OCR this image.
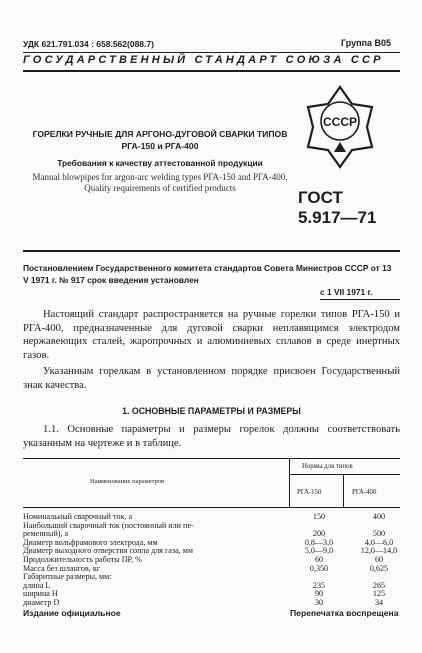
УДК 621.791.034 : 658.562(088.7)	Группа В05
ГОСУДАРСТВЕННЫЙ СТАНДАРТ СОЮЗА ССР
СССР
ГОРЕЛКИ РУЧНЫЕ ДЛЯ АРГОНО-ДУГОВОЙ СВАРКИ ТИПОВ РГА-150 и РГА-400
Требования к качеству аттестованной продукции
Manual blowpipes for argon-arc welding types РГА-150 and РГА-400. Quality requirements of certified products
ГОСТ
5.917—71
Постановлением Государственного комитета стандартов Совета Министров СССР от 13 V 1971 г. № 917 срок введения установлен
с 1 VII 1971 г.
Настоящий стандарт распространяется на ручные горелки типов РГА-150 и РГА-400, предназначенные для дуговой сварки неплавящимся электродом нержавеющих сталей, жаропрочных и алюминиевых сплавов в среде инертных газов.
Указанным горелкам в установленном порядке присвоен Государственный знак качества.
1. ОСНОВНЫЕ ПАРАМЕТРЫ И РАЗМЕРЫ
1.1. Основные параметры и размеры горелок должны соответствовать указанным на чертеже и в таблице.
Наименование параметров
Нормы для типов
РГА-150	РГА-400
Номинальный сварочный ток, а	150	400
Наибольший сварочный ток (постоянный или пе-
ременный), а	200	500
Диаметр вольфрамового электрода, мм	0,8—3,0	4,0—6,0
Диаметр выходного отверстия сопла для газа, мм	5,0—9,0	12,0—14,0
Продолжительность работы ПР, %	60	60
Масса без шлангов, кг	0,350	0,625
Габаритные размеры, мм:
длина L	235	265
ширина H	90	125
диаметр D	30	34
Издание официальное	Перепечатка воспрещена
